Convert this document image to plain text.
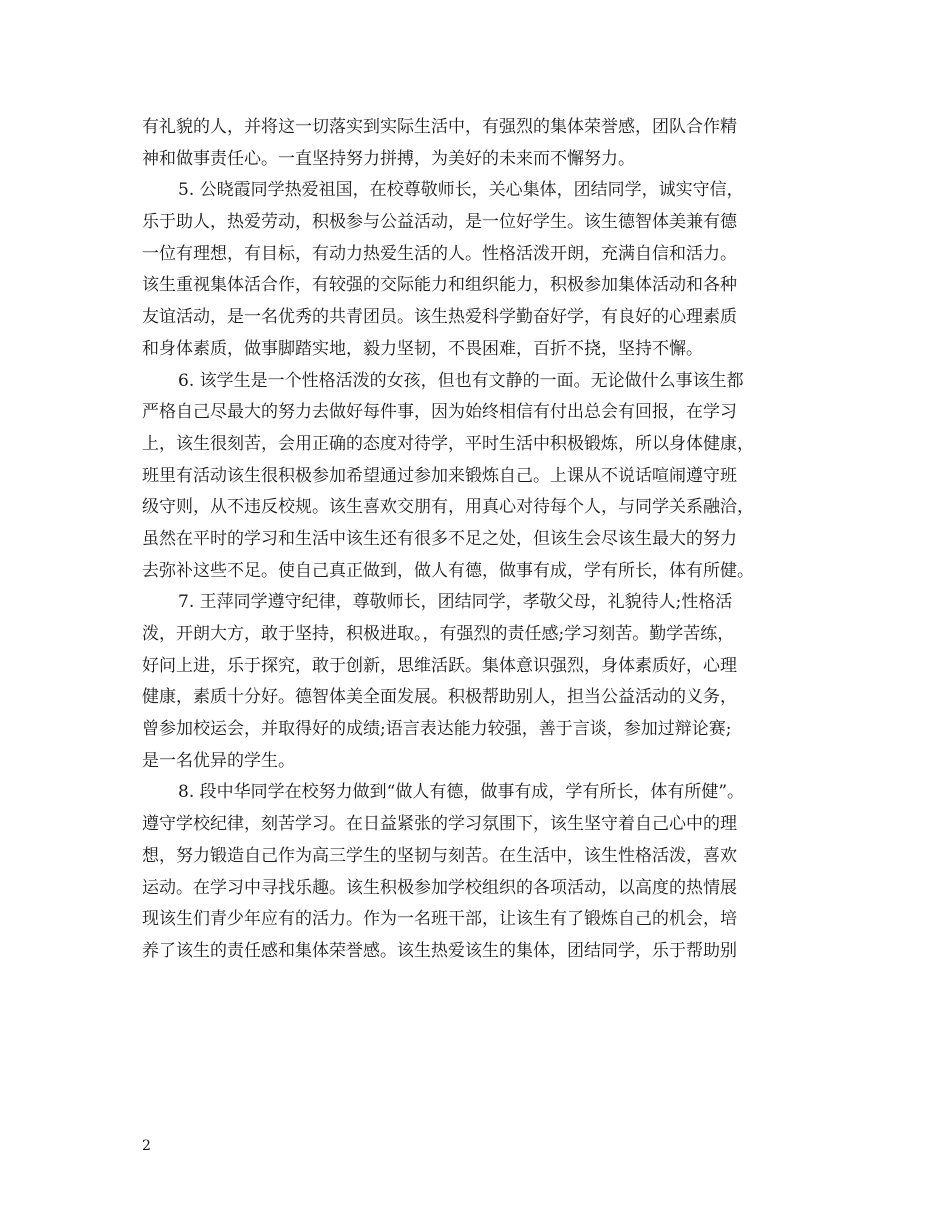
有礼貌的人，并将这一切落实到实际生活中，有强烈的集体荣誉感，团队合作精
神和做事责任心。一直坚持努力拼搏，为美好的未来而不懈努力。
5. 公晓霞同学热爱祖国，在校尊敬师长，关心集体，团结同学，诚实守信，
乐于助人，热爱劳动，积极参与公益活动，是一位好学生。该生德智体美兼有德
一位有理想，有目标，有动力热爱生活的人。性格活泼开朗，充满自信和活力。
该生重视集体活合作，有较强的交际能力和组织能力，积极参加集体活动和各种
友谊活动，是一名优秀的共青团员。该生热爱科学勤奋好学，有良好的心理素质
和身体素质，做事脚踏实地，毅力坚韧，不畏困难，百折不挠，坚持不懈。
6. 该学生是一个性格活泼的女孩，但也有文静的一面。无论做什么事该生都
严格自己尽最大的努力去做好每件事，因为始终相信有付出总会有回报，在学习
上，该生很刻苦，会用正确的态度对待学，平时生活中积极锻炼，所以身体健康，
班里有活动该生很积极参加希望通过参加来锻炼自己。上课从不说话喧闹遵守班
级守则，从不违反校规。该生喜欢交朋有，用真心对待每个人，与同学关系融洽，
虽然在平时的学习和生活中该生还有很多不足之处，但该生会尽该生最大的努力
去弥补这些不足。使自己真正做到，做人有德，做事有成，学有所长，体有所健。
7. 王萍同学遵守纪律，尊敬师长，团结同学，孝敬父母，礼貌待人;性格活
泼，开朗大方，敢于坚持，积极进取。，有强烈的责任感;学习刻苦。勤学苦练，
好问上进，乐于探究，敢于创新，思维活跃。集体意识强烈，身体素质好，心理
健康，素质十分好。德智体美全面发展。积极帮助别人，担当公益活动的义务，
曾参加校运会，并取得好的成绩;语言表达能力较强，善于言谈，参加过辩论赛;
是一名优异的学生。
8. 段中华同学在校努力做到“做人有德，做事有成，学有所长，体有所健”。
遵守学校纪律，刻苦学习。在日益紧张的学习氛围下，该生坚守着自己心中的理
想，努力锻造自己作为高三学生的坚韧与刻苦。在生活中，该生性格活泼，喜欢
运动。在学习中寻找乐趣。该生积极参加学校组织的各项活动，以高度的热情展
现该生们青少年应有的活力。作为一名班干部，让该生有了锻炼自己的机会，培
养了该生的责任感和集体荣誉感。该生热爱该生的集体，团结同学，乐于帮助别
2
